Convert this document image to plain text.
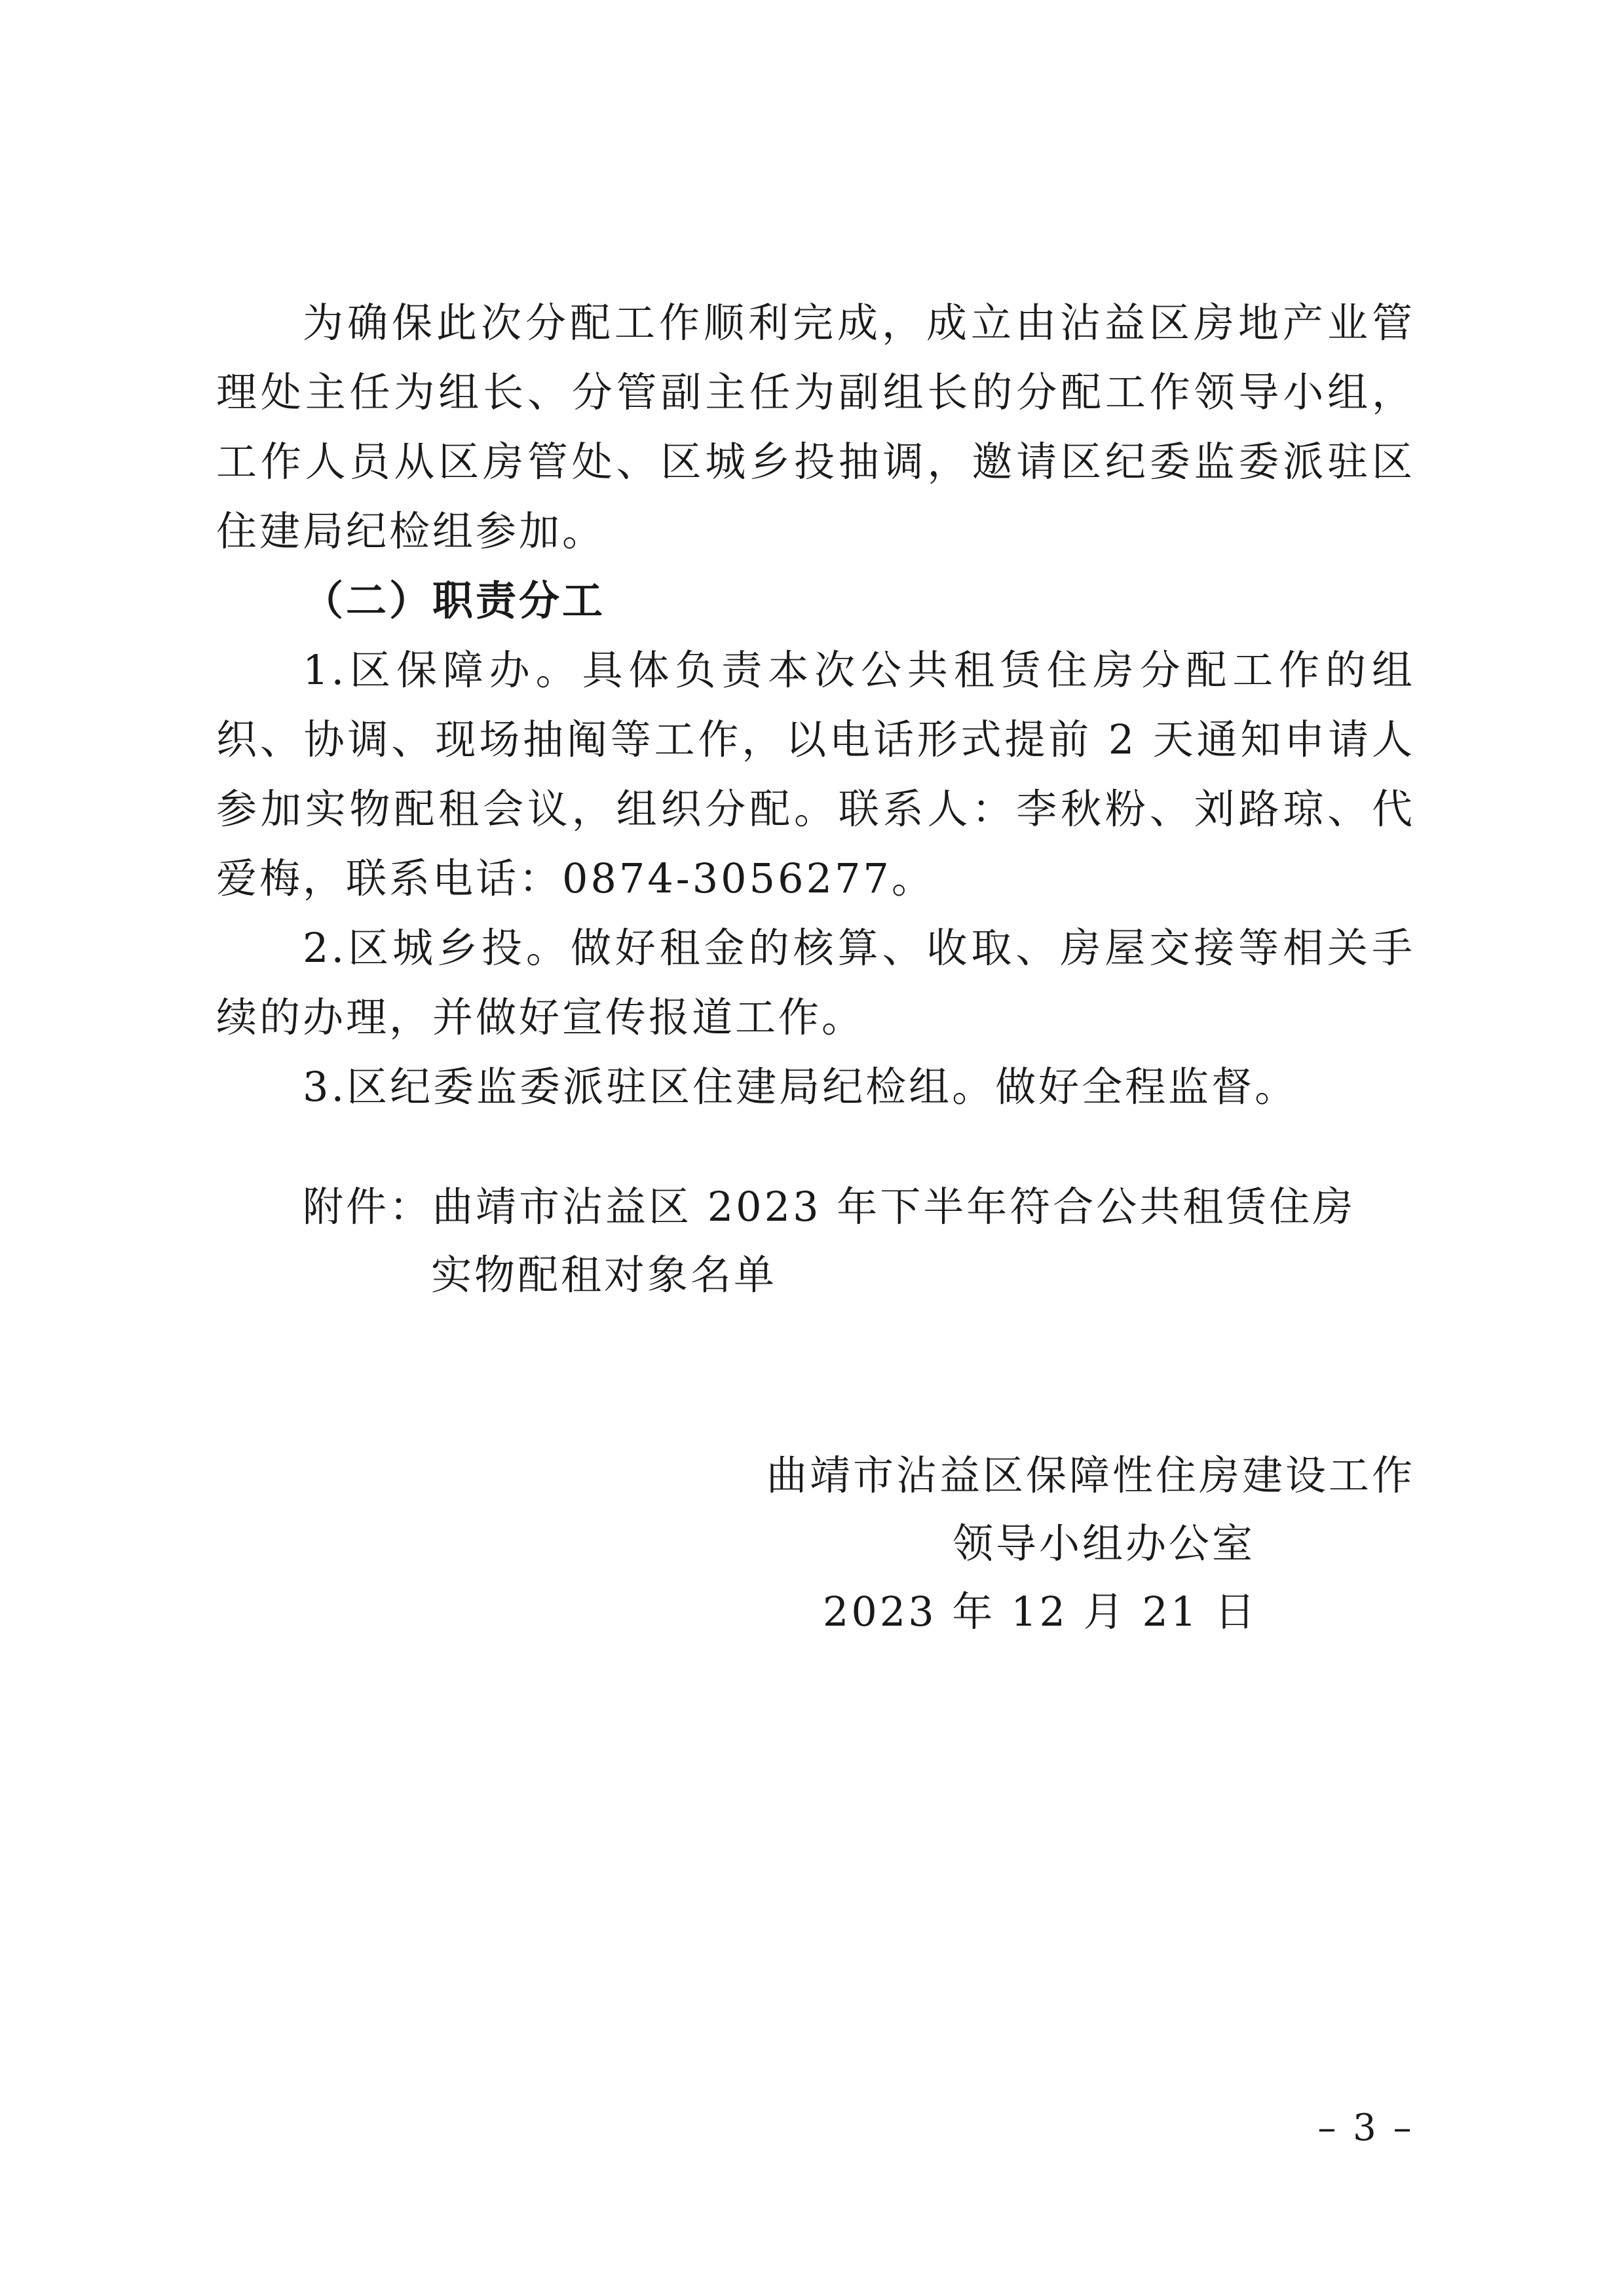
为确保此次分配工作顺利完成，成立由沾益区房地产业管理处主任为组长、分管副主任为副组长的分配工作领导小组，工作人员从区房管处、区城乡投抽调，邀请区纪委监委派驻区住建局纪检组参加。

（二）职责分工

1.区保障办。具体负责本次公共租赁住房分配工作的组织、协调、现场抽阄等工作，以电话形式提前 2 天通知申请人参加实物配租会议，组织分配。联系人：李秋粉、刘路琼、代爱梅，联系电话：0874-3056277。

2.区城乡投。做好租金的核算、收取、房屋交接等相关手续的办理，并做好宣传报道工作。

3.区纪委监委派驻区住建局纪检组。做好全程监督。

附件：曲靖市沾益区 2023 年下半年符合公共租赁住房
实物配租对象名单
曲靖市沾益区保障性住房建设工作
领导小组办公室
2023 年 12 月 21 日
– 3 –
